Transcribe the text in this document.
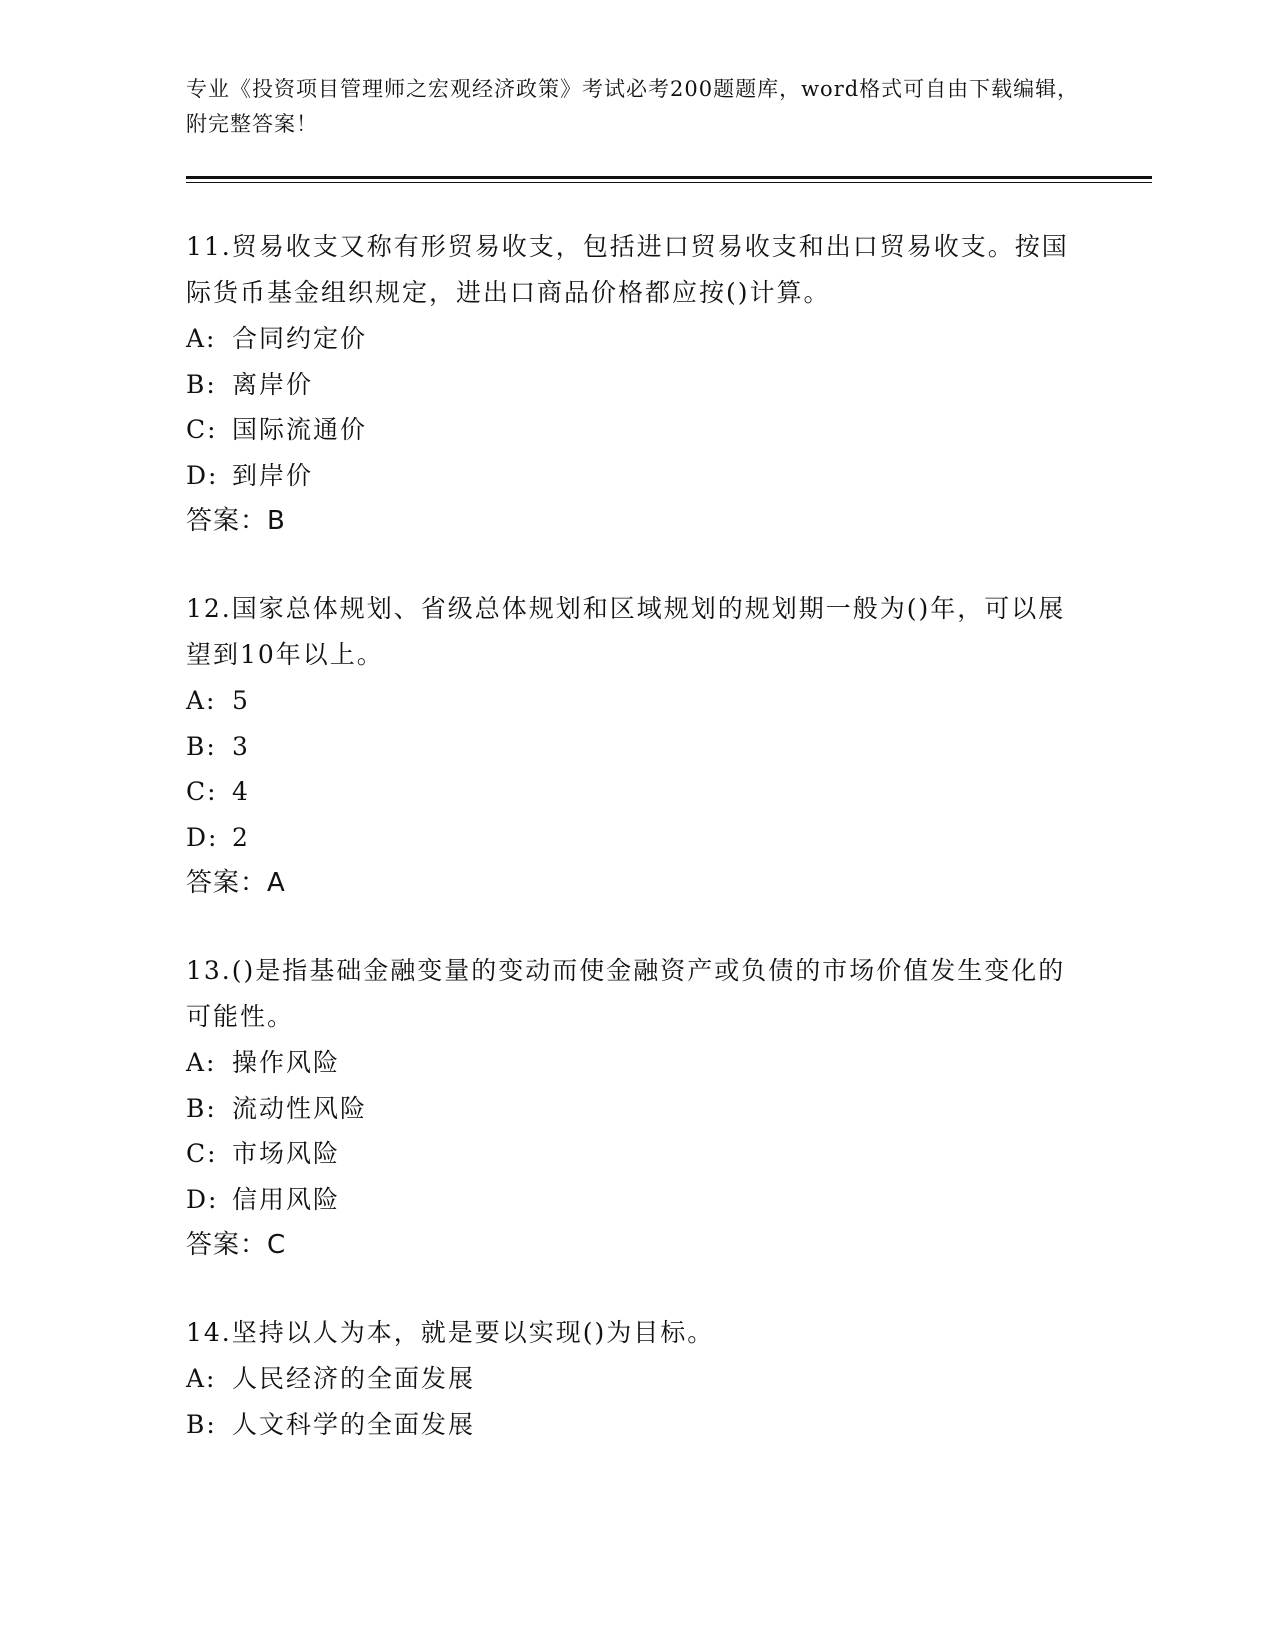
专业《投资项目管理师之宏观经济政策》考试必考200题题库，word格式可自由下载编辑，附完整答案！

11.贸易收支又称有形贸易收支，包括进口贸易收支和出口贸易收支。按国际货币基金组织规定，进出口商品价格都应按()计算。

A: 合同约定价

B: 离岸价

C: 国际流通价

D: 到岸价

答案：B

12.国家总体规划、省级总体规划和区域规划的规划期一般为()年，可以展望到10年以上。

A: 5

B: 3

C: 4

D: 2

答案：A

13.()是指基础金融变量的变动而使金融资产或负债的市场价值发生变化的可能性。

A: 操作风险

B: 流动性风险

C: 市场风险

D: 信用风险

答案：C

14.坚持以人为本，就是要以实现()为目标。

A: 人民经济的全面发展

B: 人文科学的全面发展
